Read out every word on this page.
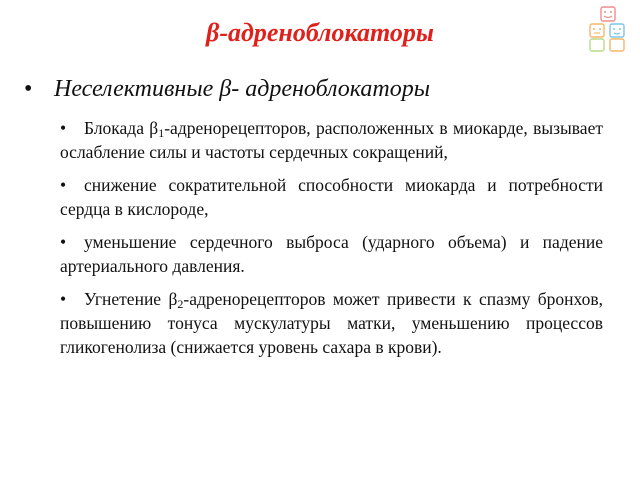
β-адреноблокаторы
• Неселективные β- адреноблокаторы
• Блокада $\beta_1$-адренорецепторов, расположенных в миокарде, вызывает ослабление силы и частоты сердечных сокращений,
• снижение сократительной способности миокарда и потребности сердца в кислороде,
• уменьшение сердечного выброса (ударного объема) и падение артериального давления.
• Угнетение $\beta_2$-адренорецепторов может привести к спазму бронхов, повышению тонуса мускулатуры матки, уменьшению процессов гликогенолиза (снижается уровень сахара в крови).
